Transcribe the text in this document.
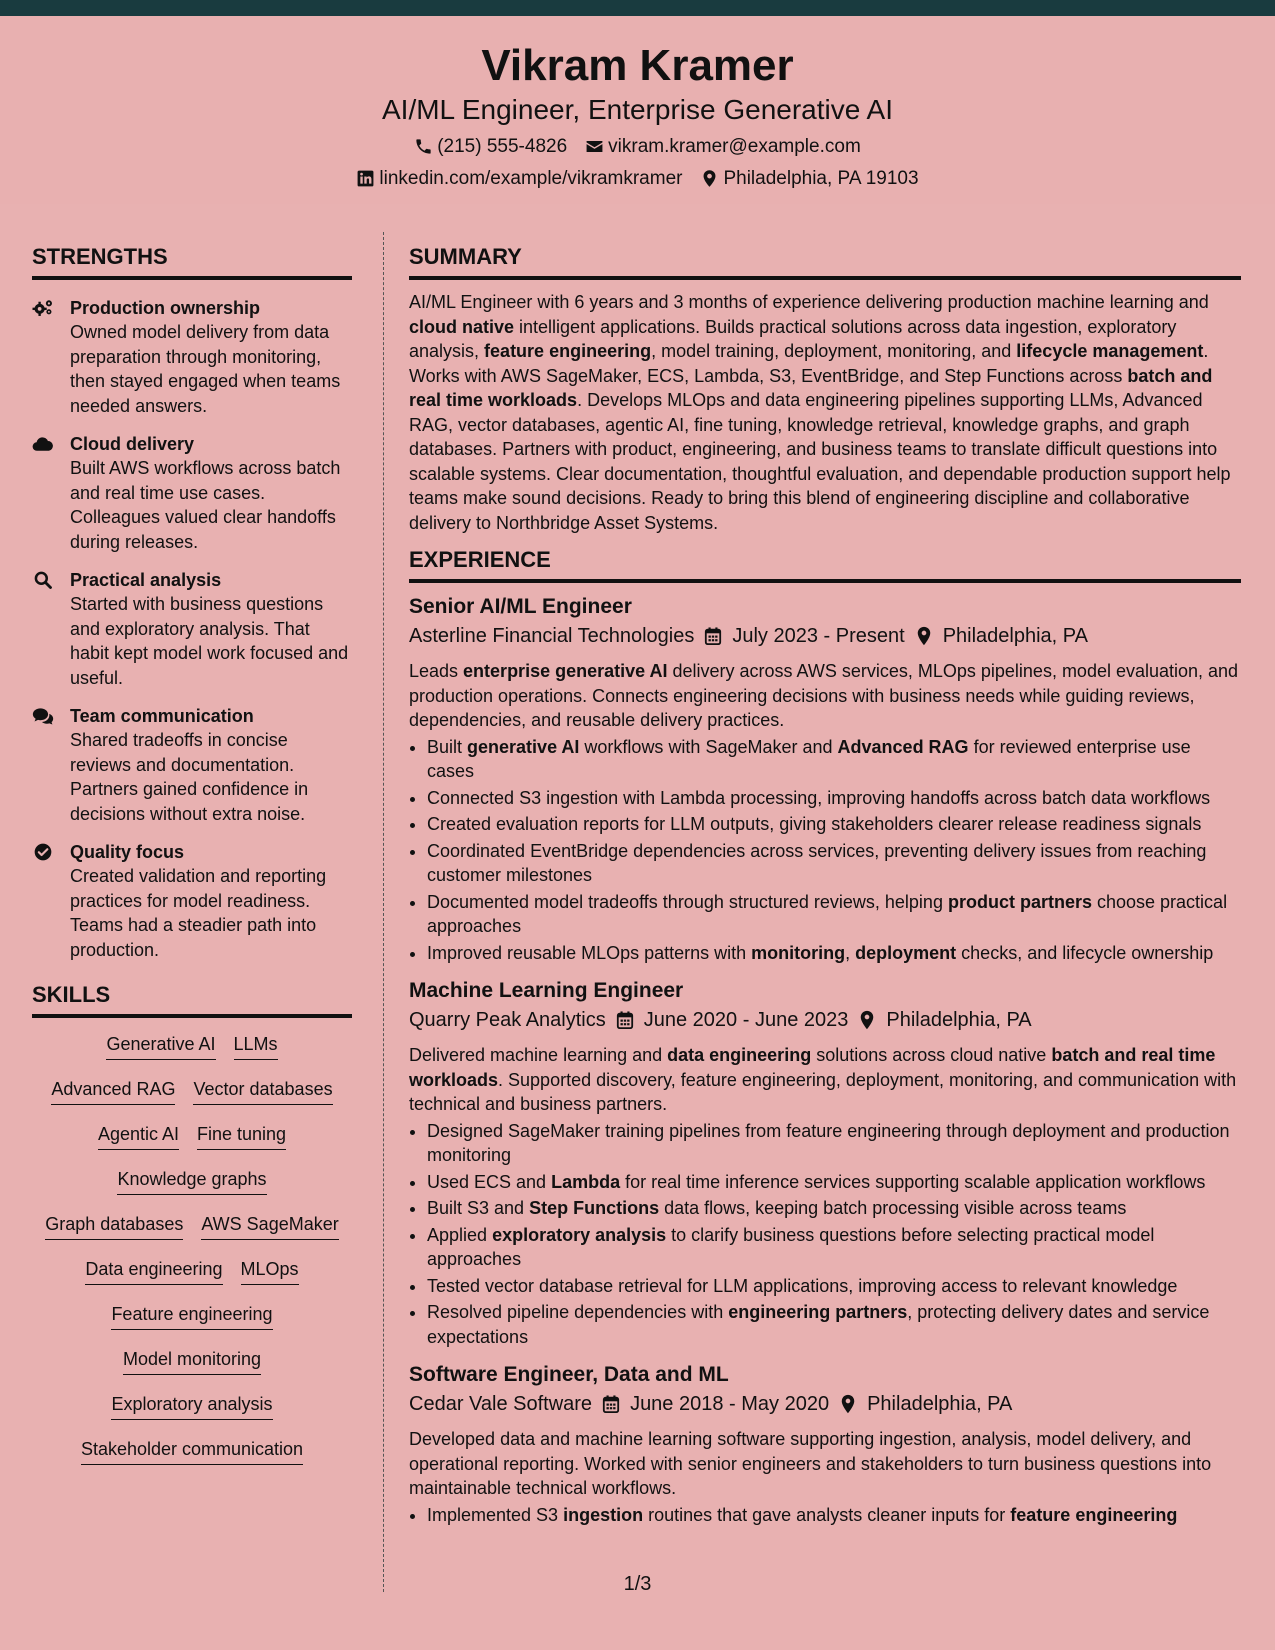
Vikram Kramer
AI/ML Engineer, Enterprise Generative AI
(215) 555-4826 vikram.kramer@example.com
linkedin.com/example/vikramkramer Philadelphia, PA 19103
STRENGTHS
Production ownership
Owned model delivery from data preparation through monitoring, then stayed engaged when teams needed answers.
Cloud delivery
Built AWS workflows across batch and real time use cases. Colleagues valued clear handoffs during releases.
Practical analysis
Started with business questions and exploratory analysis. That habit kept model work focused and useful.
Team communication
Shared tradeoffs in concise reviews and documentation. Partners gained confidence in decisions without extra noise.
Quality focus
Created validation and reporting practices for model readiness. Teams had a steadier path into production.
SKILLS
Generative AI LLMs
Advanced RAG Vector databases
Agentic AI Fine tuning
Knowledge graphs
Graph databases AWS SageMaker
Data engineering MLOps
Feature engineering
Model monitoring
Exploratory analysis
Stakeholder communication
SUMMARY
AI/ML Engineer with 6 years and 3 months of experience delivering production machine learning and cloud native intelligent applications. Builds practical solutions across data ingestion, exploratory analysis, feature engineering, model training, deployment, monitoring, and lifecycle management. Works with AWS SageMaker, ECS, Lambda, S3, EventBridge, and Step Functions across batch and real time workloads. Develops MLOps and data engineering pipelines supporting LLMs, Advanced RAG, vector databases, agentic AI, fine tuning, knowledge retrieval, knowledge graphs, and graph databases. Partners with product, engineering, and business teams to translate difficult questions into scalable systems. Clear documentation, thoughtful evaluation, and dependable production support help teams make sound decisions. Ready to bring this blend of engineering discipline and collaborative delivery to Northbridge Asset Systems.
EXPERIENCE
Senior AI/ML Engineer
Asterline Financial Technologies July 2023 - Present Philadelphia, PA
Leads enterprise generative AI delivery across AWS services, MLOps pipelines, model evaluation, and production operations. Connects engineering decisions with business needs while guiding reviews, dependencies, and reusable delivery practices.
• Built generative AI workflows with SageMaker and Advanced RAG for reviewed enterprise use cases
• Connected S3 ingestion with Lambda processing, improving handoffs across batch data workflows
• Created evaluation reports for LLM outputs, giving stakeholders clearer release readiness signals
• Coordinated EventBridge dependencies across services, preventing delivery issues from reaching customer milestones
• Documented model tradeoffs through structured reviews, helping product partners choose practical approaches
• Improved reusable MLOps patterns with monitoring, deployment checks, and lifecycle ownership
Machine Learning Engineer
Quarry Peak Analytics June 2020 - June 2023 Philadelphia, PA
Delivered machine learning and data engineering solutions across cloud native batch and real time workloads. Supported discovery, feature engineering, deployment, monitoring, and communication with technical and business partners.
• Designed SageMaker training pipelines from feature engineering through deployment and production monitoring
• Used ECS and Lambda for real time inference services supporting scalable application workflows
• Built S3 and Step Functions data flows, keeping batch processing visible across teams
• Applied exploratory analysis to clarify business questions before selecting practical model approaches
• Tested vector database retrieval for LLM applications, improving access to relevant knowledge
• Resolved pipeline dependencies with engineering partners, protecting delivery dates and service expectations
Software Engineer, Data and ML
Cedar Vale Software June 2018 - May 2020 Philadelphia, PA
Developed data and machine learning software supporting ingestion, analysis, model delivery, and operational reporting. Worked with senior engineers and stakeholders to turn business questions into maintainable technical workflows.
• Implemented S3 ingestion routines that gave analysts cleaner inputs for feature engineering
1/3
